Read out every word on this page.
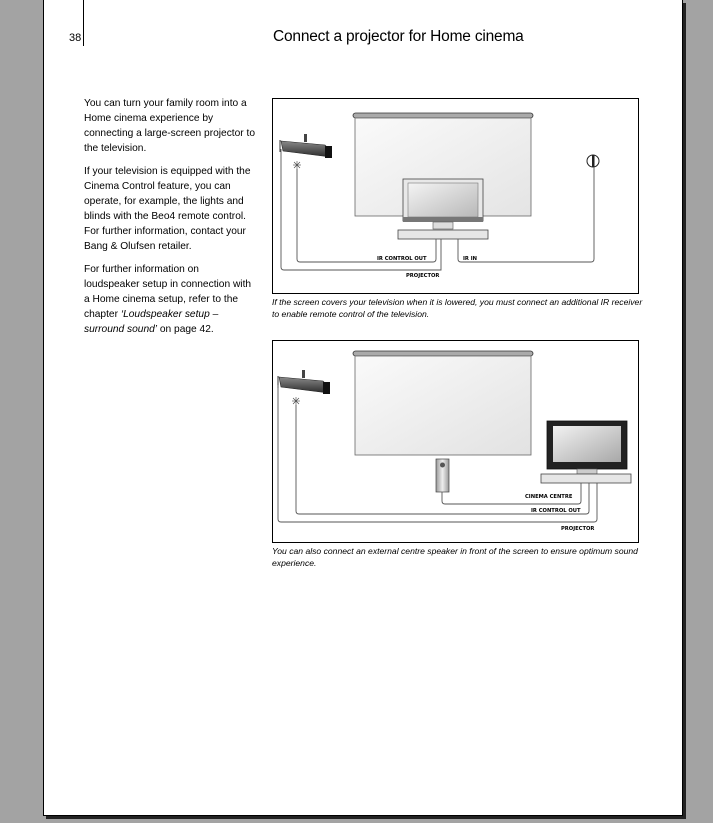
38	Connect a projector for Home cinema

You can turn your family room into a Home cinema experience by connecting a large-screen projector to the television.

If your television is equipped with the Cinema Control feature, you can operate, for example, the lights and blinds with the Beo4 remote control. For further information, contact your Bang & Olufsen retailer.

For further information on loudspeaker setup in connection with a Home cinema setup, refer to the chapter ‘Loudspeaker setup – surround sound’ on page 42.

IR CONTROL OUT	IR IN
PROJECTOR
If the screen covers your television when it is lowered, you must connect an additional IR receiver to enable remote control of the television.
CINEMA CENTRE
IR CONTROL OUT
PROJECTOR
You can also connect an external centre speaker in front of the screen to ensure optimum sound experience.
